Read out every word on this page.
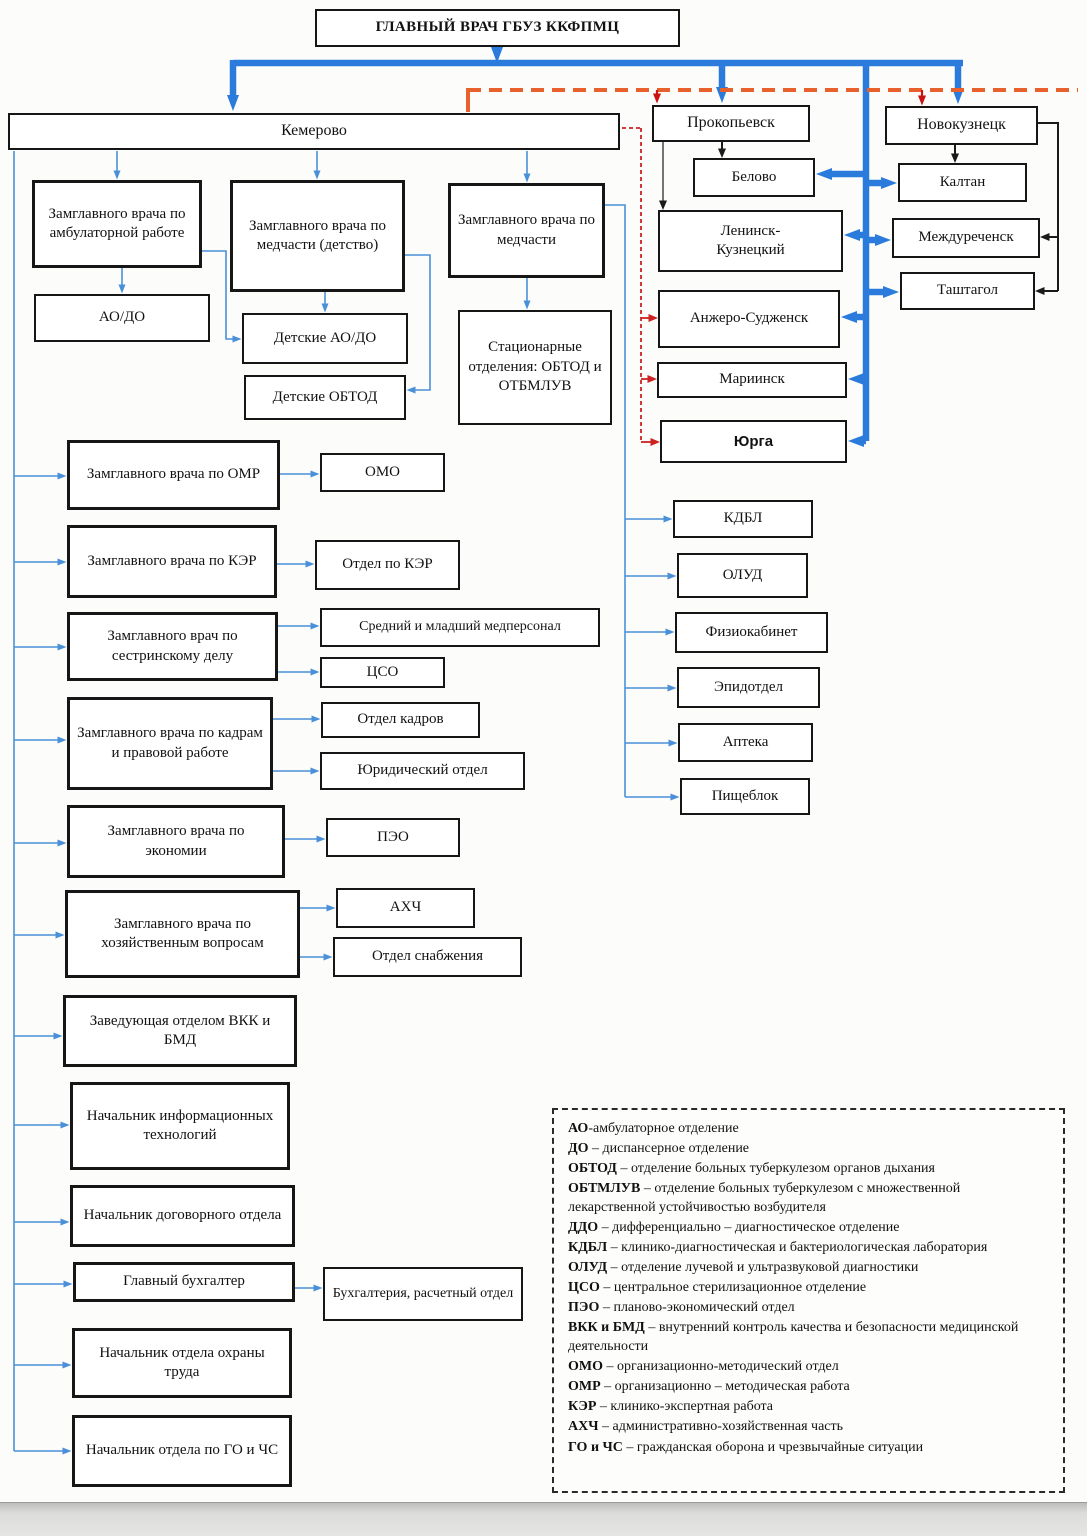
ГЛАВНЫЙ ВРАЧ ГБУЗ ККФПМЦ
Кемерово
Замглавного врача по амбулаторной работе	Замглавного врача по медчасти (детство)
Замглавного врача по медчасти
АО/ДО
Детские АО/ДО
Детские ОБТОД
Стационарные отделения: ОБТОД и ОТБМЛУВ
Прокопьевск	Новокузнецк
Белово	Калтан
Ленинск-Кузнецкий
Междуреченск
Таштагол
Анжеро-Судженск
Мариинск
Юрга
КДБЛ
ОЛУД
Физиокабинет
Эпидотдел
Аптека
Пищеблок
Замглавного врача по ОМР	ОМО
Замглавного врача по КЭР	Отдел по КЭР
Замглавного врач по сестринскому делу
Средний и младший медперсонал
ЦСО
Замглавного врача по кадрам и правовой работе
Отдел кадров
Юридический отдел
Замглавного врача по экономии
ПЭО
Замглавного врача по хозяйственным вопросам
АХЧ
Отдел снабжения
Заведующая отделом ВКК и БМД
Начальник информационных технологий
Начальник договорного отдела
Главный бухгалтер
Бухгалтерия, расчетный отдел
Начальник отдела охраны труда
Начальник отдела по ГО и ЧС
АО-амбулаторное отделение
ДО – диспансерное отделение
ОБТОД – отделение больных туберкулезом органов дыхания
ОБТМЛУВ – отделение больных туберкулезом с множественной лекарственной устойчивостью возбудителя
ДДО – дифференциально – диагностическое отделение
КДБЛ – клинико-диагностическая и бактериологическая лаборатория
ОЛУД – отделение лучевой и ультразвуковой диагностики
ЦСО – центральное стерилизационное отделение
ПЭО – планово-экономический отдел
ВКК и БМД – внутренний контроль качества и безопасности медицинской деятельности
ОМО – организационно-методический отдел
ОМР – организационно – методическая работа
КЭР – клинико-экспертная работа
АХЧ – административно-хозяйственная часть
ГО и ЧС – гражданская оборона и чрезвычайные ситуации
